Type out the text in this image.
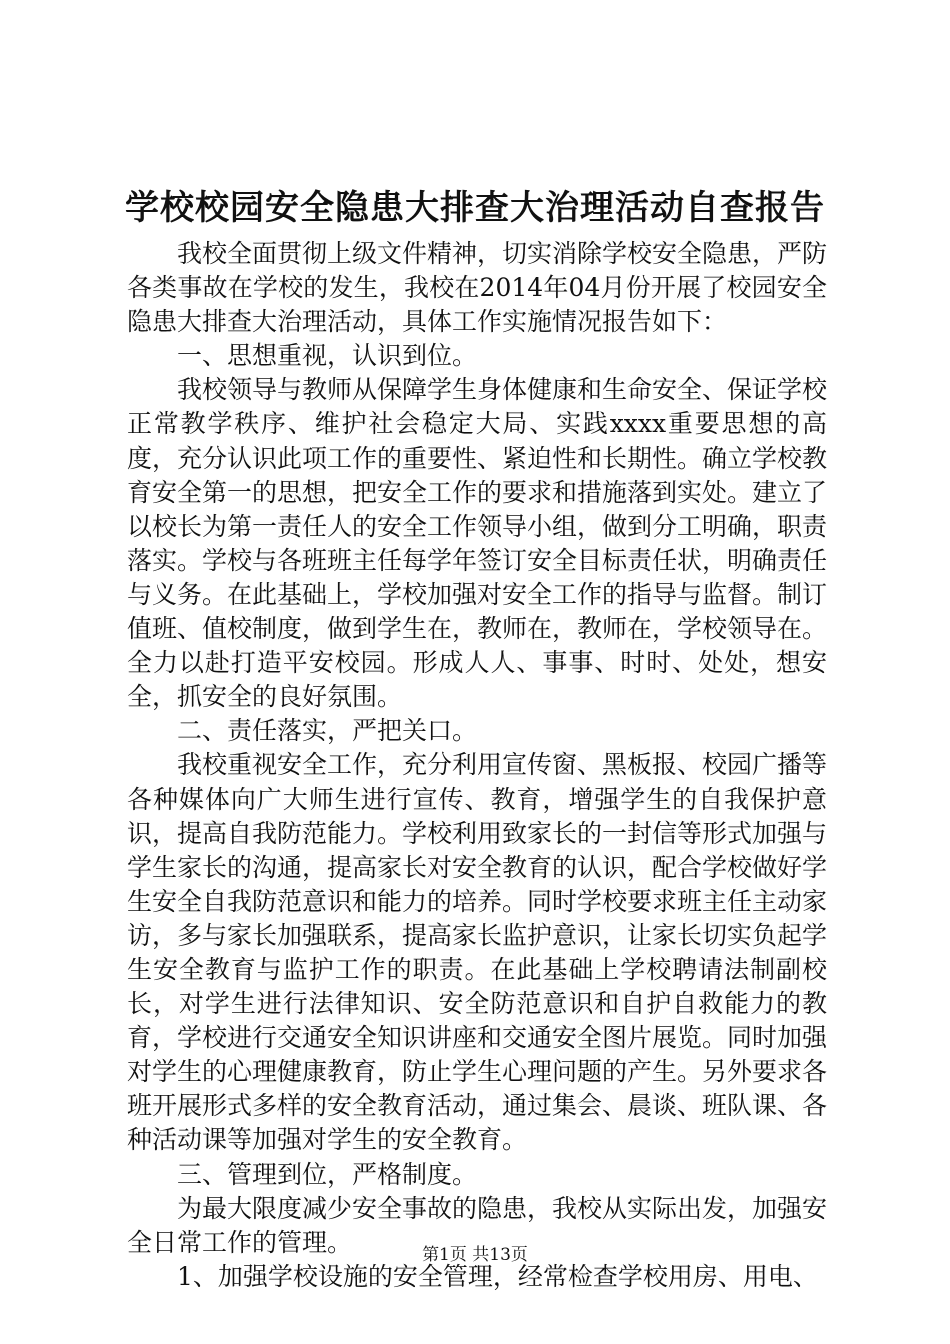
学校校园安全隐患大排查大治理活动自查报告

我校全面贯彻上级文件精神，切实消除学校安全隐患，严防各类事故在学校的发生，我校在2014年04月份开展了校园安全隐患大排查大治理活动，具体工作实施情况报告如下：

一、思想重视，认识到位。

我校领导与教师从保障学生身体健康和生命安全、保证学校正常教学秩序、维护社会稳定大局、实践xxxx重要思想的高度，充分认识此项工作的重要性、紧迫性和长期性。确立学校教育安全第一的思想，把安全工作的要求和措施落到实处。建立了以校长为第一责任人的安全工作领导小组，做到分工明确，职责落实。学校与各班班主任每学年签订安全目标责任状，明确责任与义务。在此基础上，学校加强对安全工作的指导与监督。制订值班、值校制度，做到学生在，教师在，教师在，学校领导在。全力以赴打造平安校园。形成人人、事事、时时、处处，想安全，抓安全的良好氛围。

二、责任落实，严把关口。

我校重视安全工作，充分利用宣传窗、黑板报、校园广播等各种媒体向广大师生进行宣传、教育，增强学生的自我保护意识，提高自我防范能力。学校利用致家长的一封信等形式加强与学生家长的沟通，提高家长对安全教育的认识，配合学校做好学生安全自我防范意识和能力的培养。同时学校要求班主任主动家访，多与家长加强联系，提高家长监护意识，让家长切实负起学生安全教育与监护工作的职责。在此基础上学校聘请法制副校长，对学生进行法律知识、安全防范意识和自护自救能力的教育，学校进行交通安全知识讲座和交通安全图片展览。同时加强对学生的心理健康教育，防止学生心理问题的产生。另外要求各班开展形式多样的安全教育活动，通过集会、晨谈、班队课、各种活动课等加强对学生的安全教育。

三、管理到位，严格制度。

为最大限度减少安全事故的隐患，我校从实际出发，加强安全日常工作的管理。

1、加强学校设施的安全管理，经常检查学校用房、用电、

第1页 共13页
